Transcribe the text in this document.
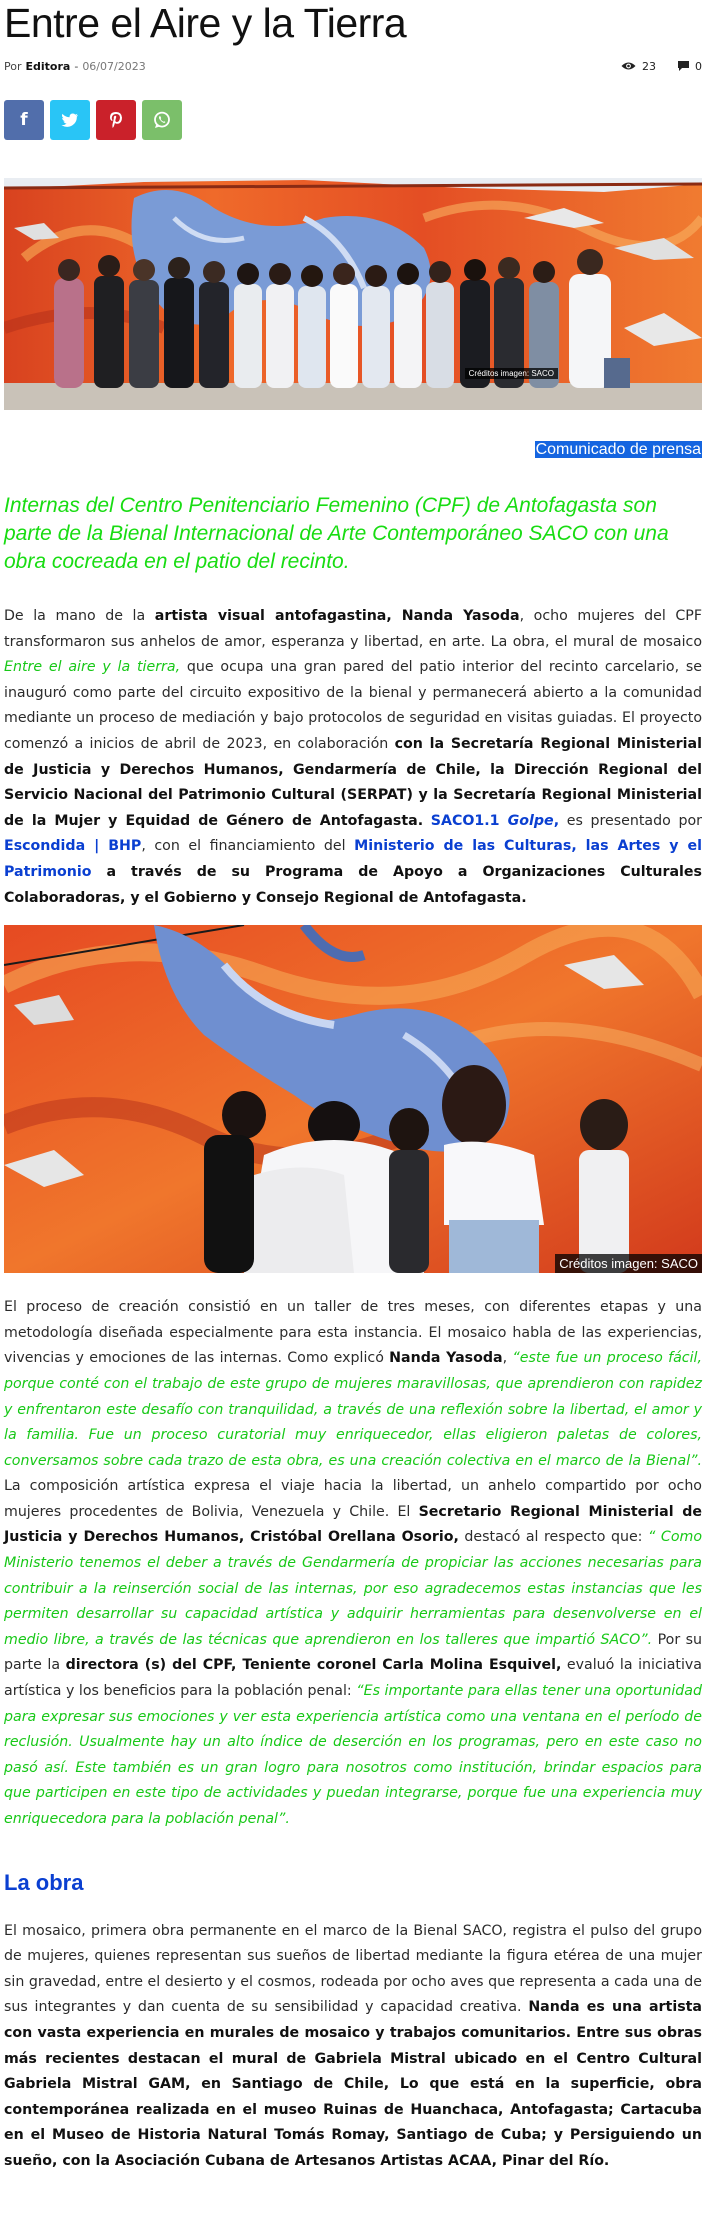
Entre el Aire y la Tierra
Por Editora - 06/07/2023	23	0
f
Créditos imagen: SACO
Comunicado de prensa

Internas del Centro Penitenciario Femenino (CPF) de Antofagasta son parte de la Bienal Internacional de Arte Contemporáneo SACO con una obra cocreada en el patio del recinto.

De la mano de la artista visual antofagastina, Nanda Yasoda, ocho mujeres del CPF transformaron sus anhelos de amor, esperanza y libertad, en arte. La obra, el mural de mosaico Entre el aire y la tierra, que ocupa una gran pared del patio interior del recinto carcelario, se inauguró como parte del circuito expositivo de la bienal y permanecerá abierto a la comunidad mediante un proceso de mediación y bajo protocolos de seguridad en visitas guiadas. El proyecto comenzó a inicios de abril de 2023, en colaboración con la Secretaría Regional Ministerial de Justicia y Derechos Humanos, Gendarmería de Chile, la Dirección Regional del Servicio Nacional del Patrimonio Cultural (SERPAT) y la Secretaría Regional Ministerial de la Mujer y Equidad de Género de Antofagasta. SACO1.1 Golpe, es presentado por Escondida | BHP, con el financiamiento del Ministerio de las Culturas, las Artes y el Patrimonio a través de su Programa de Apoyo a Organizaciones Culturales Colaboradoras, y el Gobierno y Consejo Regional de Antofagasta.

Créditos imagen: SACO

El proceso de creación consistió en un taller de tres meses, con diferentes etapas y una metodología diseñada especialmente para esta instancia. El mosaico habla de las experiencias, vivencias y emociones de las internas. Como explicó Nanda Yasoda, “este fue un proceso fácil, porque conté con el trabajo de este grupo de mujeres maravillosas, que aprendieron con rapidez y enfrentaron este desafío con tranquilidad, a través de una reflexión sobre la libertad, el amor y la familia. Fue un proceso curatorial muy enriquecedor, ellas eligieron paletas de colores, conversamos sobre cada trazo de esta obra, es una creación colectiva en el marco de la Bienal”. La composición artística expresa el viaje hacia la libertad, un anhelo compartido por ocho mujeres procedentes de Bolivia, Venezuela y Chile. El Secretario Regional Ministerial de Justicia y Derechos Humanos, Cristóbal Orellana Osorio, destacó al respecto que: “ Como Ministerio tenemos el deber a través de Gendarmería de propiciar las acciones necesarias para contribuir a la reinserción social de las internas, por eso agradecemos estas instancias que les permiten desarrollar su capacidad artística y adquirir herramientas para desenvolverse en el medio libre, a través de las técnicas que aprendieron en los talleres que impartió SACO”. Por su parte la directora (s) del CPF, Teniente coronel Carla Molina Esquivel, evaluó la iniciativa artística y los beneficios para la población penal: “Es importante para ellas tener una oportunidad para expresar sus emociones y ver esta experiencia artística como una ventana en el período de reclusión. Usualmente hay un alto índice de deserción en los programas, pero en este caso no pasó así. Este también es un gran logro para nosotros como institución, brindar espacios para que participen en este tipo de actividades y puedan integrarse, porque fue una experiencia muy enriquecedora para la población penal”.

La obra

El mosaico, primera obra permanente en el marco de la Bienal SACO, registra el pulso del grupo de mujeres, quienes representan sus sueños de libertad mediante la figura etérea de una mujer sin gravedad, entre el desierto y el cosmos, rodeada por ocho aves que representa a cada una de sus integrantes y dan cuenta de su sensibilidad y capacidad creativa. Nanda es una artista con vasta experiencia en murales de mosaico y trabajos comunitarios. Entre sus obras más recientes destacan el mural de Gabriela Mistral ubicado en el Centro Cultural Gabriela Mistral GAM, en Santiago de Chile, Lo que está en la superficie, obra contemporánea realizada en el museo Ruinas de Huanchaca, Antofagasta; Cartacuba en el Museo de Historia Natural Tomás Romay, Santiago de Cuba; y Persiguiendo un sueño, con la Asociación Cubana de Artesanos Artistas ACAA, Pinar del Río.
